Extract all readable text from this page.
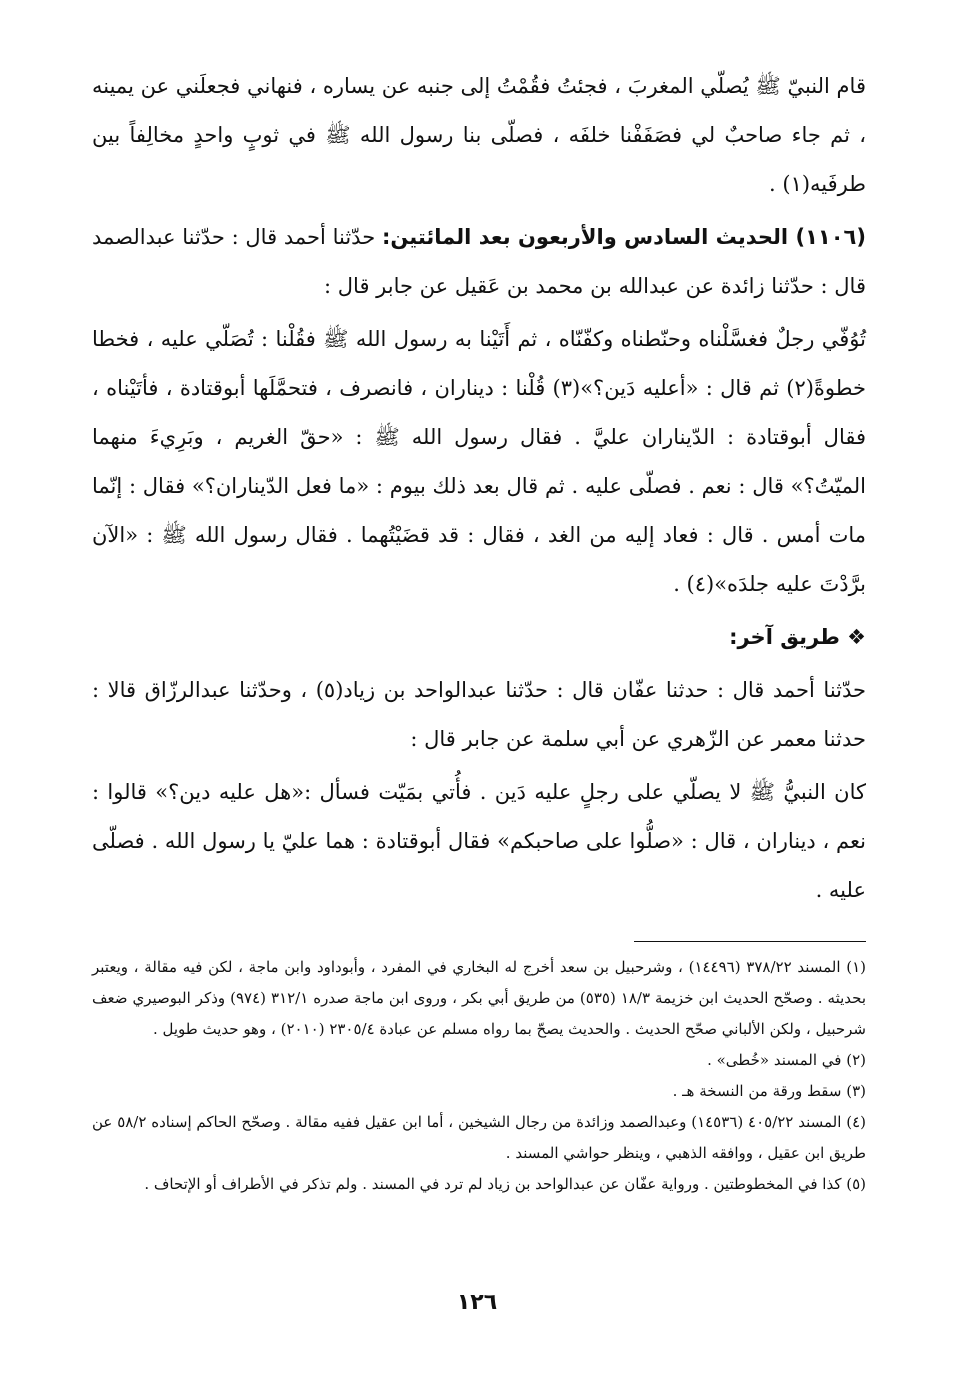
قام النبيّ ﷺ يُصلّي المغربَ ، فجئتُ فقُمْتُ إلى جنبه عن يساره ، فنهاني فجعلَني عن يمينه ، ثم جاء صاحبٌ لي فصَفَفْنا خلفَه ، فصلّى بنا رسول الله ﷺ في ثوبٍ واحدٍ مخالِفاً بين طرفَيه(١) .

(١١٠٦) الحديث السادس والأربعون بعد المائتين: حدّثنا أحمد قال : حدّثنا عبدالصمد قال : حدّثنا زائدة عن عبدالله بن محمد بن عَقيل عن جابر قال :

تُوُفّي رجلٌ فغسَّلْناه وحنّطناه وكفّنّاه ، ثم أَتَيْنا به رسول الله ﷺ فقُلْنا : تُصَلّي عليه ، فخطا خطوةً(٢) ثم قال : «أعليه دَين؟»(٣) قُلْنا : ديناران ، فانصرف ، فتحمَّلَها أبوقتادة ، فأتَيْناه ، فقال أبوقتادة : الدّيناران عليَّ . فقال رسول الله ﷺ : «حقّ الغريم ، وبَرِيءَ منهما الميّتُ؟» قال : نعم . فصلّى عليه . ثم قال بعد ذلك بيوم : «ما فعل الدّيناران؟» فقال : إنّما مات أمس . قال : فعاد إليه من الغد ، فقال : قد قضَيْتُهما . فقال رسول الله ﷺ : «الآن برَّدْتَ عليه جلدَه»(٤) .

❖ طريق آخر:

حدّثنا أحمد قال : حدثنا عفّان قال : حدّثنا عبدالواحد بن زياد(٥) ، وحدّثنا عبدالرزّاق قالا : حدثنا معمر عن الزّهري عن أبي سلمة عن جابر قال :

كان النبيُّ ﷺ لا يصلّي على رجلٍ عليه دَين . فأُتي بمَيّت فسأل :«هل عليه دين؟» قالوا : نعم ، ديناران ، قال : «صلُّوا على صاحبكم» فقال أبوقتادة : هما عليّ يا رسول الله . فصلّى عليه .

(١) المسند ٣٧٨/٢٢ (١٤٤٩٦) ، وشرحبيل بن سعد أخرج له البخاري في المفرد ، وأبوداود وابن ماجة ، لكن فيه مقالة ، ويعتبر بحديثه . وصحّح الحديث ابن خزيمة ١٨/٣ (٥٣٥) من طريق أبي بكر ، وروى ابن ماجة صدره ٣١٢/١ (٩٧٤) وذكر البوصيري ضعف شرحبيل ، ولكن الألباني صحّح الحديث . والحديث يصحّ بما رواه مسلم عن عبادة ٢٣٠٥/٤ (٢٠١٠) ، وهو حديث طويل .

(٢) في المسند «خُطى» .

(٣) سقط ورقة من النسخة هـ .

(٤) المسند ٤٠٥/٢٢ (١٤٥٣٦) وعبدالصمد وزائدة من رجال الشيخين ، أما ابن عقيل ففيه مقالة . وصحّح الحاكم إسناده ٥٨/٢ عن طريق ابن عقيل ، ووافقه الذهبي ، وينظر حواشي المسند .

(٥) كذا في المخطوطتين . ورواية عفّان عن عبدالواحد بن زياد لم ترد في المسند . ولم تذكر في الأطراف أو الإتحاف .

١٢٦
